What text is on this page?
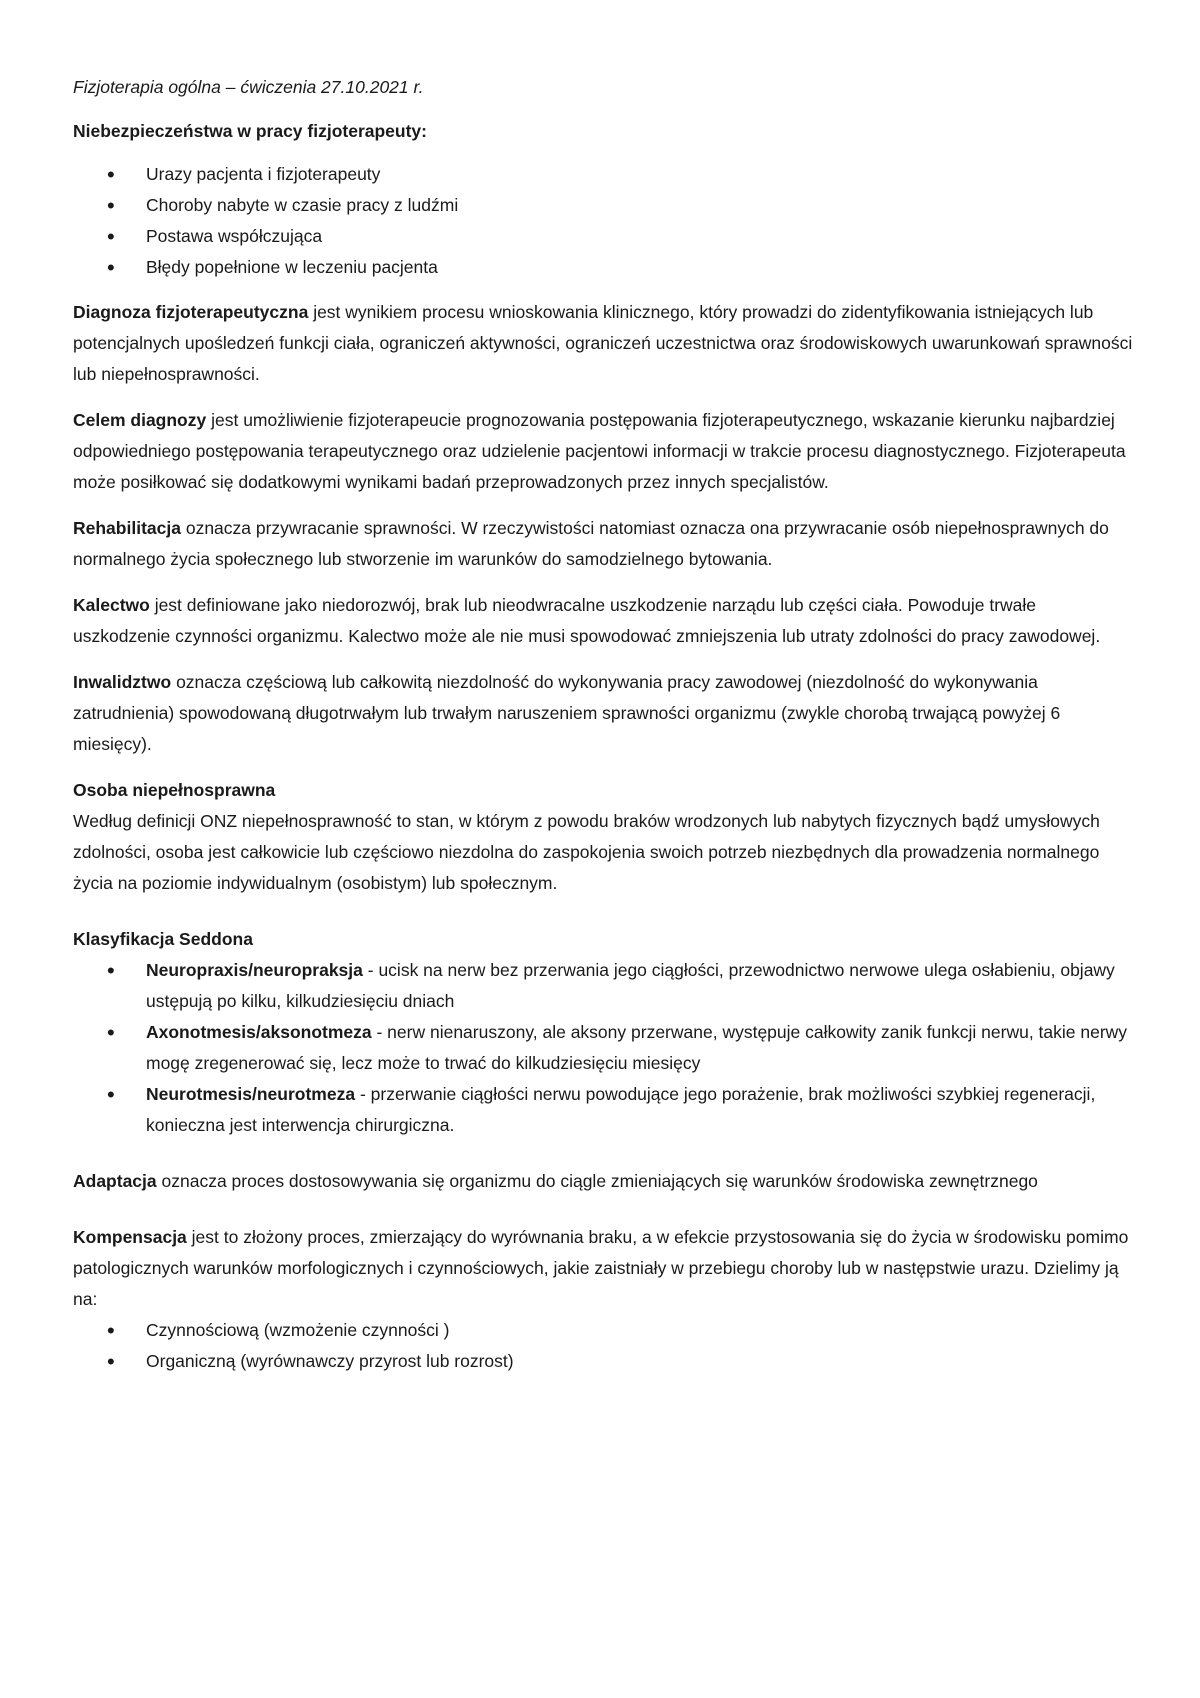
Fizjoterapia ogólna – ćwiczenia 27.10.2021 r.
Niebezpieczeństwa w pracy fizjoterapeuty:
• Urazy pacjenta i fizjoterapeuty
• Choroby nabyte w czasie pracy z ludźmi
• Postawa współczująca
• Błędy popełnione w leczeniu pacjenta

Diagnoza fizjoterapeutyczna jest wynikiem procesu wnioskowania klinicznego, który prowadzi do zidentyfikowania istniejących lub potencjalnych upośledzeń funkcji ciała, ograniczeń aktywności, ograniczeń uczestnictwa oraz środowiskowych uwarunkowań sprawności lub niepełnosprawności.

Celem diagnozy jest umożliwienie fizjoterapeucie prognozowania postępowania fizjoterapeutycznego, wskazanie kierunku najbardziej odpowiedniego postępowania terapeutycznego oraz udzielenie pacjentowi informacji w trakcie procesu diagnostycznego. Fizjoterapeuta może posiłkować się dodatkowymi wynikami badań przeprowadzonych przez innych specjalistów.

Rehabilitacja oznacza przywracanie sprawności. W rzeczywistości natomiast oznacza ona przywracanie osób niepełnosprawnych do normalnego życia społecznego lub stworzenie im warunków do samodzielnego bytowania.

Kalectwo jest definiowane jako niedorozwój, brak lub nieodwracalne uszkodzenie narządu lub części ciała. Powoduje trwałe uszkodzenie czynności organizmu. Kalectwo może ale nie musi spowodować zmniejszenia lub utraty zdolności do pracy zawodowej.

Inwalidztwo oznacza częściową lub całkowitą niezdolność do wykonywania pracy zawodowej (niezdolność do wykonywania zatrudnienia) spowodowaną długotrwałym lub trwałym naruszeniem sprawności organizmu (zwykle chorobą trwającą powyżej 6 miesięcy).

Osoba niepełnosprawna
Według definicji ONZ niepełnosprawność to stan, w którym z powodu braków wrodzonych lub nabytych fizycznych bądź umysłowych zdolności, osoba jest całkowicie lub częściowo niezdolna do zaspokojenia swoich potrzeb niezbędnych dla prowadzenia normalnego życia na poziomie indywidualnym (osobistym) lub społecznym.
Klasyfikacja Seddona
• Neuropraxis/neuropraksja - ucisk na nerw bez przerwania jego ciągłości, przewodnictwo nerwowe ulega osłabieniu, objawy ustępują po kilku, kilkudziesięciu dniach
• Axonotmesis/aksonotmeza - nerw nienaruszony, ale aksony przerwane, występuje całkowity zanik funkcji nerwu, takie nerwy mogę zregenerować się, lecz może to trwać do kilkudziesięciu miesięcy
• Neurotmesis/neurotmeza - przerwanie ciągłości nerwu powodujące jego porażenie, brak możliwości szybkiej regeneracji, konieczna jest interwencja chirurgiczna.

Adaptacja oznacza proces dostosowywania się organizmu do ciągle zmieniających się warunków środowiska zewnętrznego

Kompensacja jest to złożony proces, zmierzający do wyrównania braku, a w efekcie przystosowania się do życia w środowisku pomimo patologicznych warunków morfologicznych i czynnościowych, jakie zaistniały w przebiegu choroby lub w następstwie urazu. Dzielimy ją na:
• Czynnościową (wzmożenie czynności )
• Organiczną (wyrównawczy przyrost lub rozrost)
